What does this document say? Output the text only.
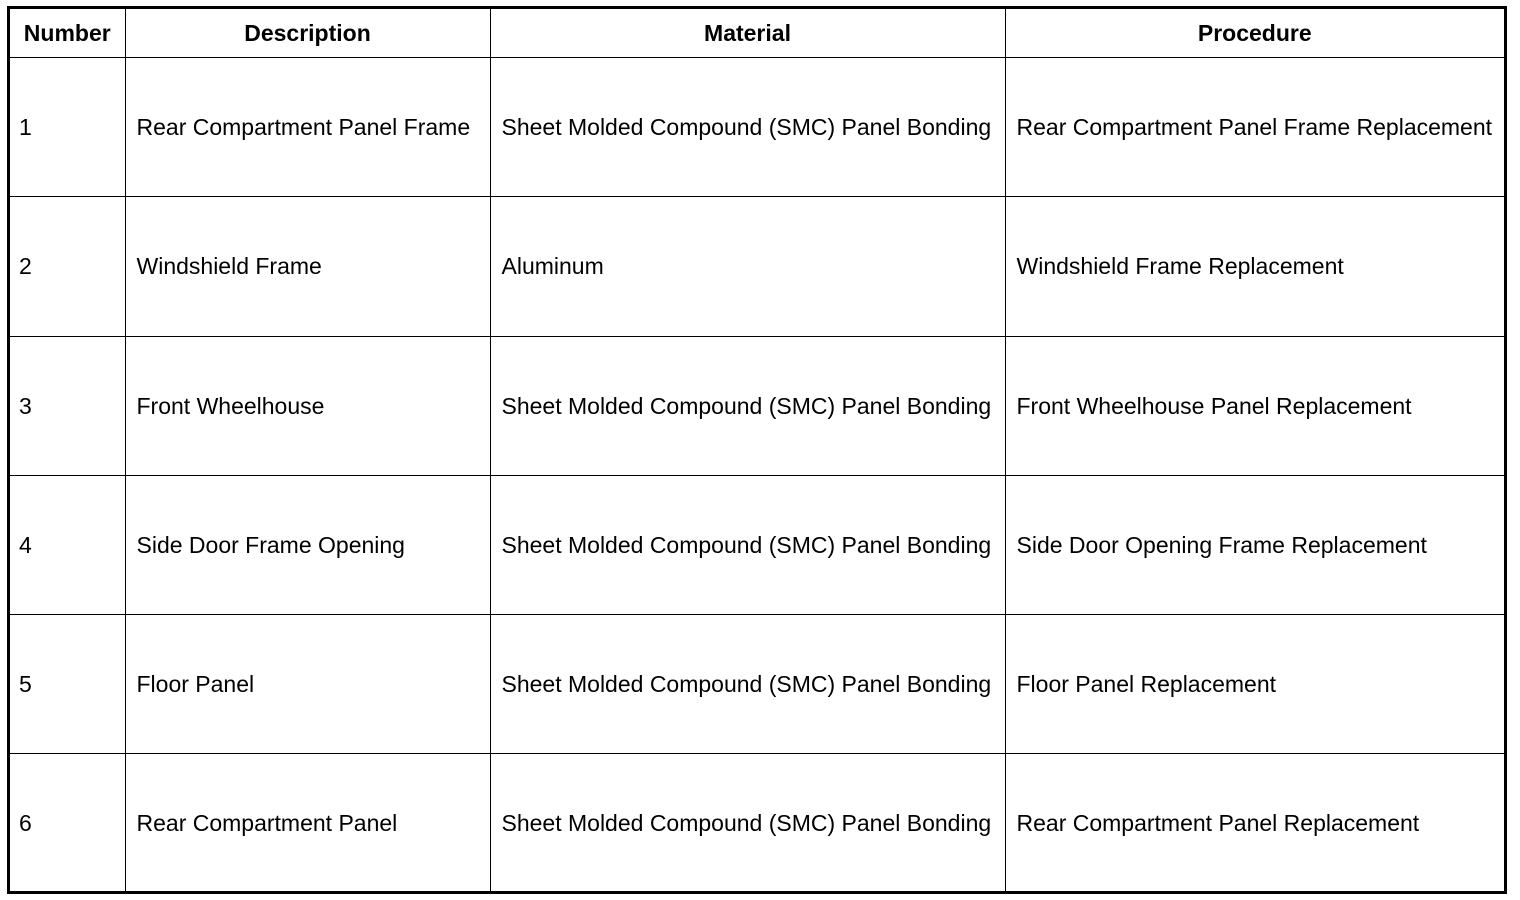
Number	Description	Material	Procedure
1	Rear Compartment Panel Frame	Sheet Molded Compound (SMC) Panel Bonding	Rear Compartment Panel Frame Replacement
2	Windshield Frame	Aluminum	Windshield Frame Replacement
3	Front Wheelhouse	Sheet Molded Compound (SMC) Panel Bonding	Front Wheelhouse Panel Replacement
4	Side Door Frame Opening	Sheet Molded Compound (SMC) Panel Bonding	Side Door Opening Frame Replacement
5	Floor Panel	Sheet Molded Compound (SMC) Panel Bonding	Floor Panel Replacement
6	Rear Compartment Panel	Sheet Molded Compound (SMC) Panel Bonding	Rear Compartment Panel Replacement
